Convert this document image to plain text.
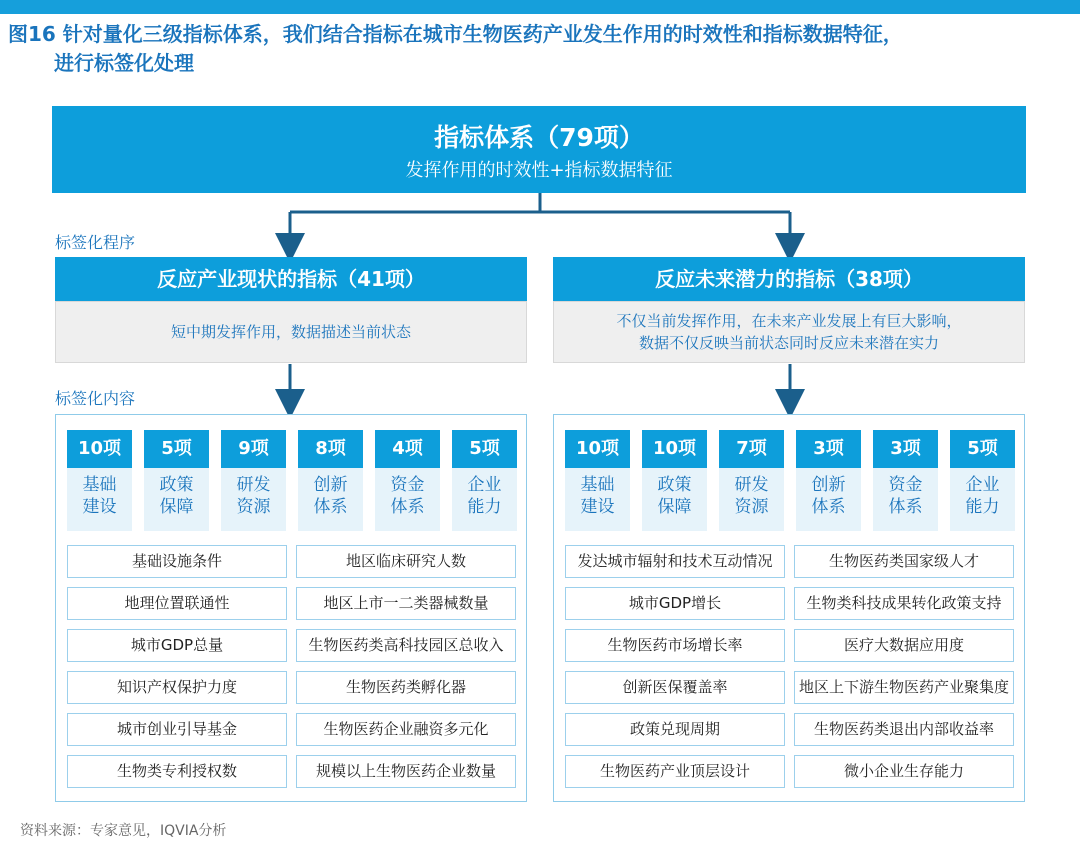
图16 针对量化三级指标体系，我们结合指标在城市生物医药产业发生作用的时效性和指标数据特征，
进行标签化处理
指标体系（79项）
发挥作用的时效性+指标数据特征
标签化程序
标签化内容
反应产业现状的指标（41项）
短中期发挥作用，数据描述当前状态
反应未来潜力的指标（38项）
不仅当前发挥作用，在未来产业发展上有巨大影响，
数据不仅反映当前状态同时反应未来潜在实力
10项
基础
建设
5项
政策
保障
9项
研发
资源
8项
创新
体系
4项
资金
体系
5项
企业
能力
基础设施条件	地区临床研究人数
地理位置联通性	地区上市一二类器械数量
城市GDP总量	生物医药类高科技园区总收入
知识产权保护力度	生物医药类孵化器
城市创业引导基金	生物医药企业融资多元化
生物类专利授权数	规模以上生物医药企业数量
10项
基础
建设
10项
政策
保障
7项
研发
资源
3项
创新
体系
3项
资金
体系
5项
企业
能力
发达城市辐射和技术互动情况	生物医药类国家级人才
城市GDP增长	生物类科技成果转化政策支持
生物医药市场增长率	医疗大数据应用度
创新医保覆盖率	地区上下游生物医药产业聚集度
政策兑现周期	生物医药类退出内部收益率
生物医药产业顶层设计	微小企业生存能力
资料来源：专家意见，IQVIA分析
